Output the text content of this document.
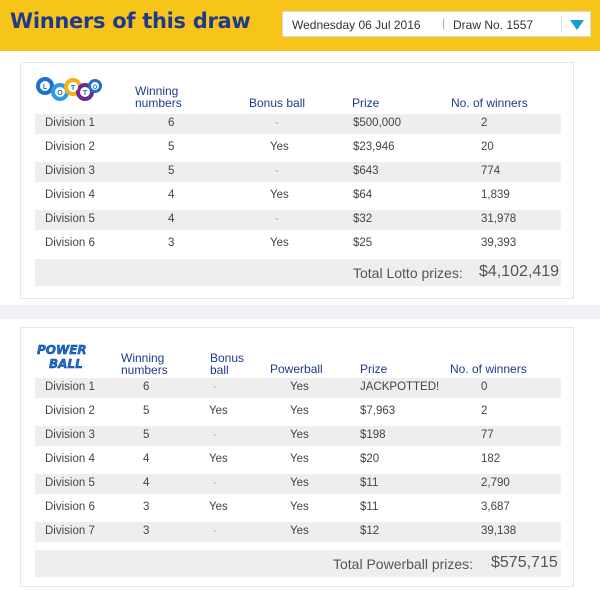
Winners of this draw	Wednesday 06 Jul 2016 | Draw No. 1557
L
O
T
T
O	Winning
numbers	Bonus ball	Prize	No. of winners
Division 1	6	-	$500,000	2
Division 2	5	Yes	$23,946	20
Division 3	5	-	$643	774
Division 4	4	Yes	$64	1,839
Division 5	4	-	$32	31,978
Division 6	3	Yes	$25	39,393
Total Lotto prizes: $4,102,419
POWER
BALL	Winning
numbers
Bonus
ball	Powerball	Prize	No. of winners
Division 1	6	-	Yes	JACKPOTTED!	0
Division 2	5	Yes	Yes	$7,963	2
Division 3	5	-	Yes	$198	77
Division 4	4	Yes	Yes	$20	182
Division 5	4	-	Yes	$11	2,790
Division 6	3	Yes	Yes	$11	3,687
Division 7	3	-	Yes	$12	39,138
Total Powerball prizes: $575,715
